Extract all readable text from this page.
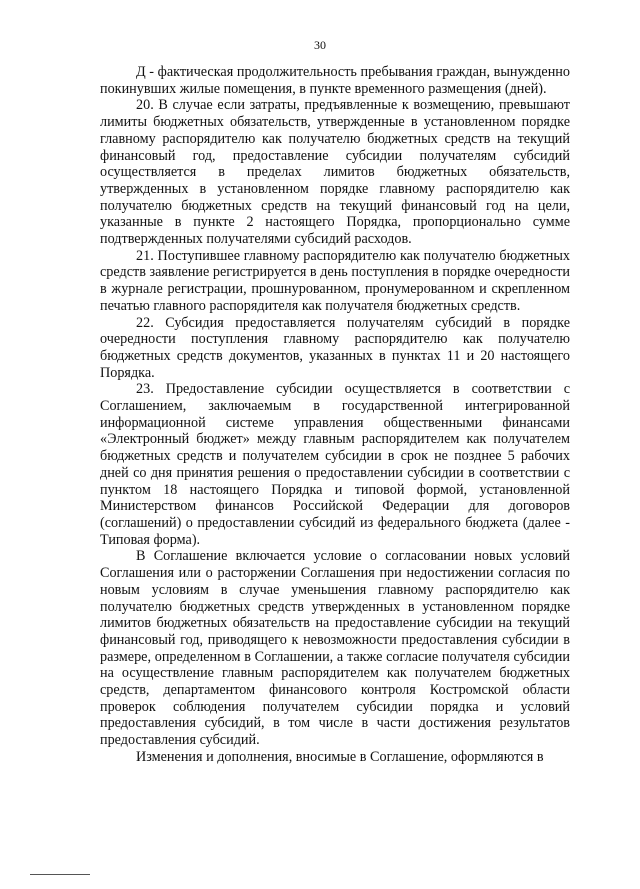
30

Д - фактическая продолжительность пребывания граждан, вынужденно покинувших жилые помещения, в пункте временного размещения (дней).

20. В случае если затраты, предъявленные к возмещению, превышают лимиты бюджетных обязательств, утвержденные в установленном порядке главному распорядителю как получателю бюджетных средств на текущий финансовый год, предоставление субсидии получателям субсидий осуществляется в пределах лимитов бюджетных обязательств, утвержденных в установленном порядке главному распорядителю как получателю бюджетных средств на текущий финансовый год на цели, указанные в пункте 2 настоящего Порядка, пропорционально сумме подтвержденных получателями субсидий расходов.

21. Поступившее главному распорядителю как получателю бюджетных средств заявление регистрируется в день поступления в порядке очередности в журнале регистрации, прошнурованном, пронумерованном и скрепленном печатью главного распорядителя как получателя бюджетных средств.

22. Субсидия предоставляется получателям субсидий в порядке очередности поступления главному распорядителю как получателю бюджетных средств документов, указанных в пунктах 11 и 20 настоящего Порядка.

23. Предоставление субсидии осуществляется в соответствии с Соглашением, заключаемым в государственной интегрированной информационной системе управления общественными финансами «Электронный бюджет» между главным распорядителем как получателем бюджетных средств и получателем субсидии в срок не позднее 5 рабочих дней со дня принятия решения о предоставлении субсидии в соответствии с пунктом 18 настоящего Порядка и типовой формой, установленной Министерством финансов Российской Федерации для договоров (соглашений) о предоставлении субсидий из федерального бюджета (далее - Типовая форма).

В Соглашение включается условие о согласовании новых условий Соглашения или о расторжении Соглашения при недостижении согласия по новым условиям в случае уменьшения главному распорядителю как получателю бюджетных средств утвержденных в установленном порядке лимитов бюджетных обязательств на предоставление субсидии на текущий финансовый год, приводящего к невозможности предоставления субсидии в размере, определенном в Соглашении, а также согласие получателя субсидии на осуществление главным распорядителем как получателем бюджетных средств, департаментом финансового контроля Костромской области проверок соблюдения получателем субсидии порядка и условий предоставления субсидий, в том числе в части достижения результатов предоставления субсидий.

Изменения и дополнения, вносимые в Соглашение, оформляются в
